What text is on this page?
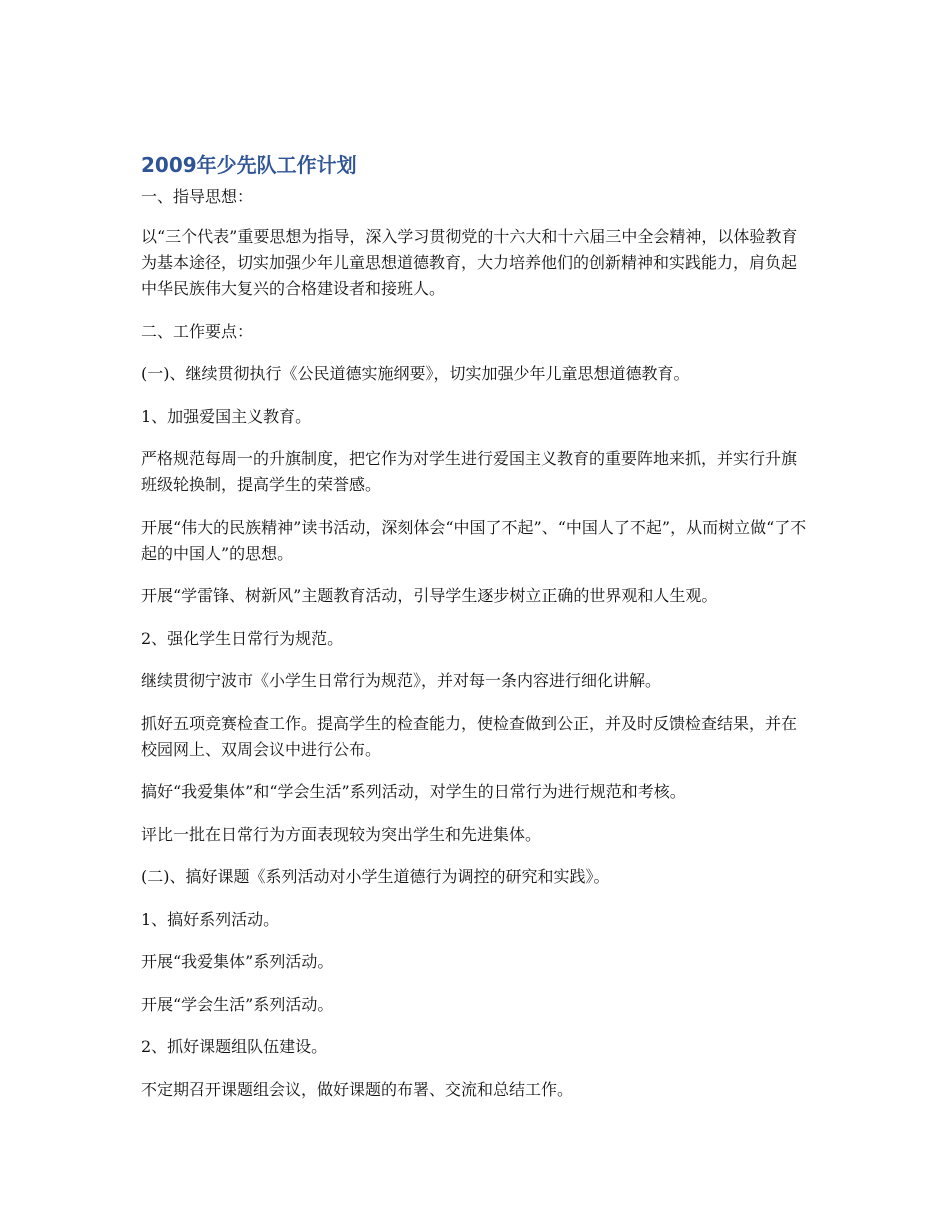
2009年少先队工作计划

一、指导思想：

以“三个代表”重要思想为指导，深入学习贯彻党的十六大和十六届三中全会精神，以体验教育为基本途径，切实加强少年儿童思想道德教育，大力培养他们的创新精神和实践能力，肩负起中华民族伟大复兴的合格建设者和接班人。

二、工作要点：

(一)、继续贯彻执行《公民道德实施纲要》，切实加强少年儿童思想道德教育。

1、加强爱国主义教育。

严格规范每周一的升旗制度，把它作为对学生进行爱国主义教育的重要阵地来抓，并实行升旗班级轮换制，提高学生的荣誉感。

开展“伟大的民族精神”读书活动，深刻体会“中国了不起”、“中国人了不起”，从而树立做“了不起的中国人”的思想。

开展“学雷锋、树新风”主题教育活动，引导学生逐步树立正确的世界观和人生观。

2、强化学生日常行为规范。

继续贯彻宁波市《小学生日常行为规范》，并对每一条内容进行细化讲解。

抓好五项竞赛检查工作。提高学生的检查能力，使检查做到公正，并及时反馈检查结果，并在校园网上、双周会议中进行公布。

搞好“我爱集体”和“学会生活”系列活动，对学生的日常行为进行规范和考核。

评比一批在日常行为方面表现较为突出学生和先进集体。

(二)、搞好课题《系列活动对小学生道德行为调控的研究和实践》。

1、搞好系列活动。

开展“我爱集体”系列活动。

开展“学会生活”系列活动。

2、抓好课题组队伍建设。

不定期召开课题组会议，做好课题的布署、交流和总结工作。
